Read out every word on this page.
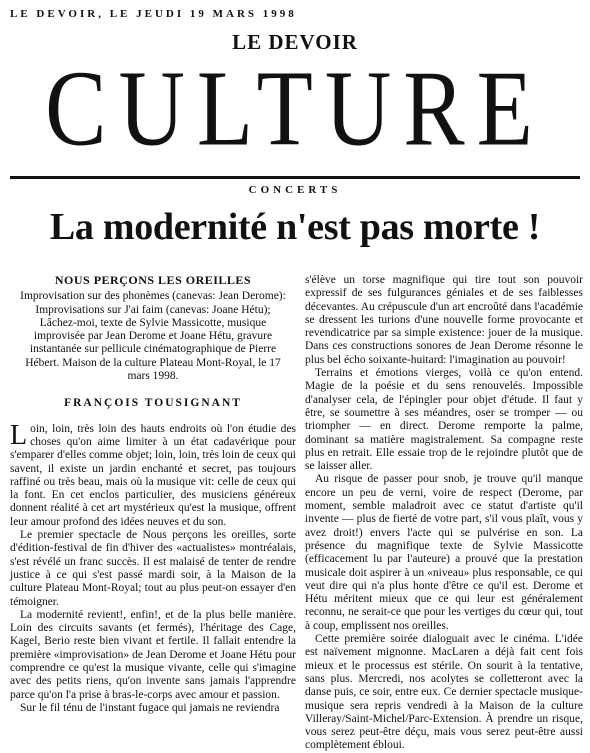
LE DEVOIR, LE JEUDI 19 MARS 1998
LE DEVOIR
CULTURE
CONCERTS
La modernité n'est pas morte !
NOUS PERÇONS LES OREILLES
Improvisation sur des phonèmes (canevas: Jean Derome): Improvisations sur J'ai faim (canevas: Joane Hétu); Lâchez-moi, texte de Sylvie Massicotte, musique improvisée par Jean Derome et Joane Hétu, gravure instantanée sur pellicule cinématographique de Pierre Hébert. Maison de la culture Plateau Mont-Royal, le 17 mars 1998.
FRANÇOIS TOUSIGNANT

Loin, loin, très loin des hauts endroits où l'on étudie des choses qu'on aime limiter à un état cadavérique pour s'emparer d'elles comme objet; loin, loin, très loin de ceux qui savent, il existe un jardin enchanté et secret, pas toujours raffiné ou très beau, mais où la musique vit: celle de ceux qui la font. En cet enclos particulier, des musiciens généreux donnent réalité à cet art mystérieux qu'est la musique, offrent leur amour profond des idées neuves et du son.

Le premier spectacle de Nous perçons les oreilles, sorte d'édition-festival de fin d'hiver des «actualistes» montréalais, s'est révélé un franc succès. Il est malaisé de tenter de rendre justice à ce qui s'est passé mardi soir, à la Maison de la culture Plateau Mont-Royal; tout au plus peut-on essayer d'en témoigner.

La modernité revient!, enfin!, et de la plus belle manière. Loin des circuits savants (et fermés), l'héritage des Cage, Kagel, Berio reste bien vivant et fertile. Il fallait entendre la première «improvisation» de Jean Derome et Joane Hétu pour comprendre ce qu'est la musique vivante, celle qui s'imagine avec des petits riens, qu'on invente sans jamais l'apprendre parce qu'on l'a prise à bras-le-corps avec amour et passion.

Sur le fil ténu de l'instant fugace qui jamais ne reviendra

s'élève un torse magnifique qui tire tout son pouvoir expressif de ses fulgurances géniales et de ses faiblesses décevantes. Au crépuscule d'un art encroûté dans l'académie se dressent les turions d'une nouvelle forme provocante et revendicatrice par sa simple existence: jouer de la musique. Dans ces constructions sonores de Jean Derome résonne le plus bel écho soixante-huitard: l'imagination au pouvoir!

Terrains et émotions vierges, voilà ce qu'on entend. Magie de la poésie et du sens renouvelés. Impossible d'analyser cela, de l'épingler pour objet d'étude. Il faut y être, se soumettre à ses méandres, oser se tromper — ou triompher — en direct. Derome remporte la palme, dominant sa matière magistralement. Sa compagne reste plus en retrait. Elle essaie trop de le rejoindre plutôt que de se laisser aller.

Au risque de passer pour snob, je trouve qu'il manque encore un peu de verni, voire de respect (Derome, par moment, semble maladroit avec ce statut d'artiste qu'il invente — plus de fierté de votre part, s'il vous plaît, vous y avez droit!) envers l'acte qui se pulvérise en son. La présence du magnifique texte de Sylvie Massicotte (efficacement lu par l'auteure) a prouvé que la prestation musicale doit aspirer à un «niveau» plus responsable, ce qui veut dire qui n'a plus honte d'être ce qu'il est. Derome et Hétu méritent mieux que ce qui leur est généralement reconnu, ne serait-ce que pour les vertiges du cœur qui, tout à coup, emplissent nos oreilles.

Cette première soirée dialoguait avec le cinéma. L'idée est naïvement mignonne. MacLaren a déjà fait cent fois mieux et le processus est stérile. On sourit à la tentative, sans plus. Mercredi, nos acolytes se colletteront avec la danse puis, ce soir, entre eux. Ce dernier spectacle musique-musique sera repris vendredi à la Maison de la culture Villeray/Saint-Michel/Parc-Extension. À prendre un risque, vous serez peut-être déçu, mais vous serez peut-être aussi complètement ébloui.
